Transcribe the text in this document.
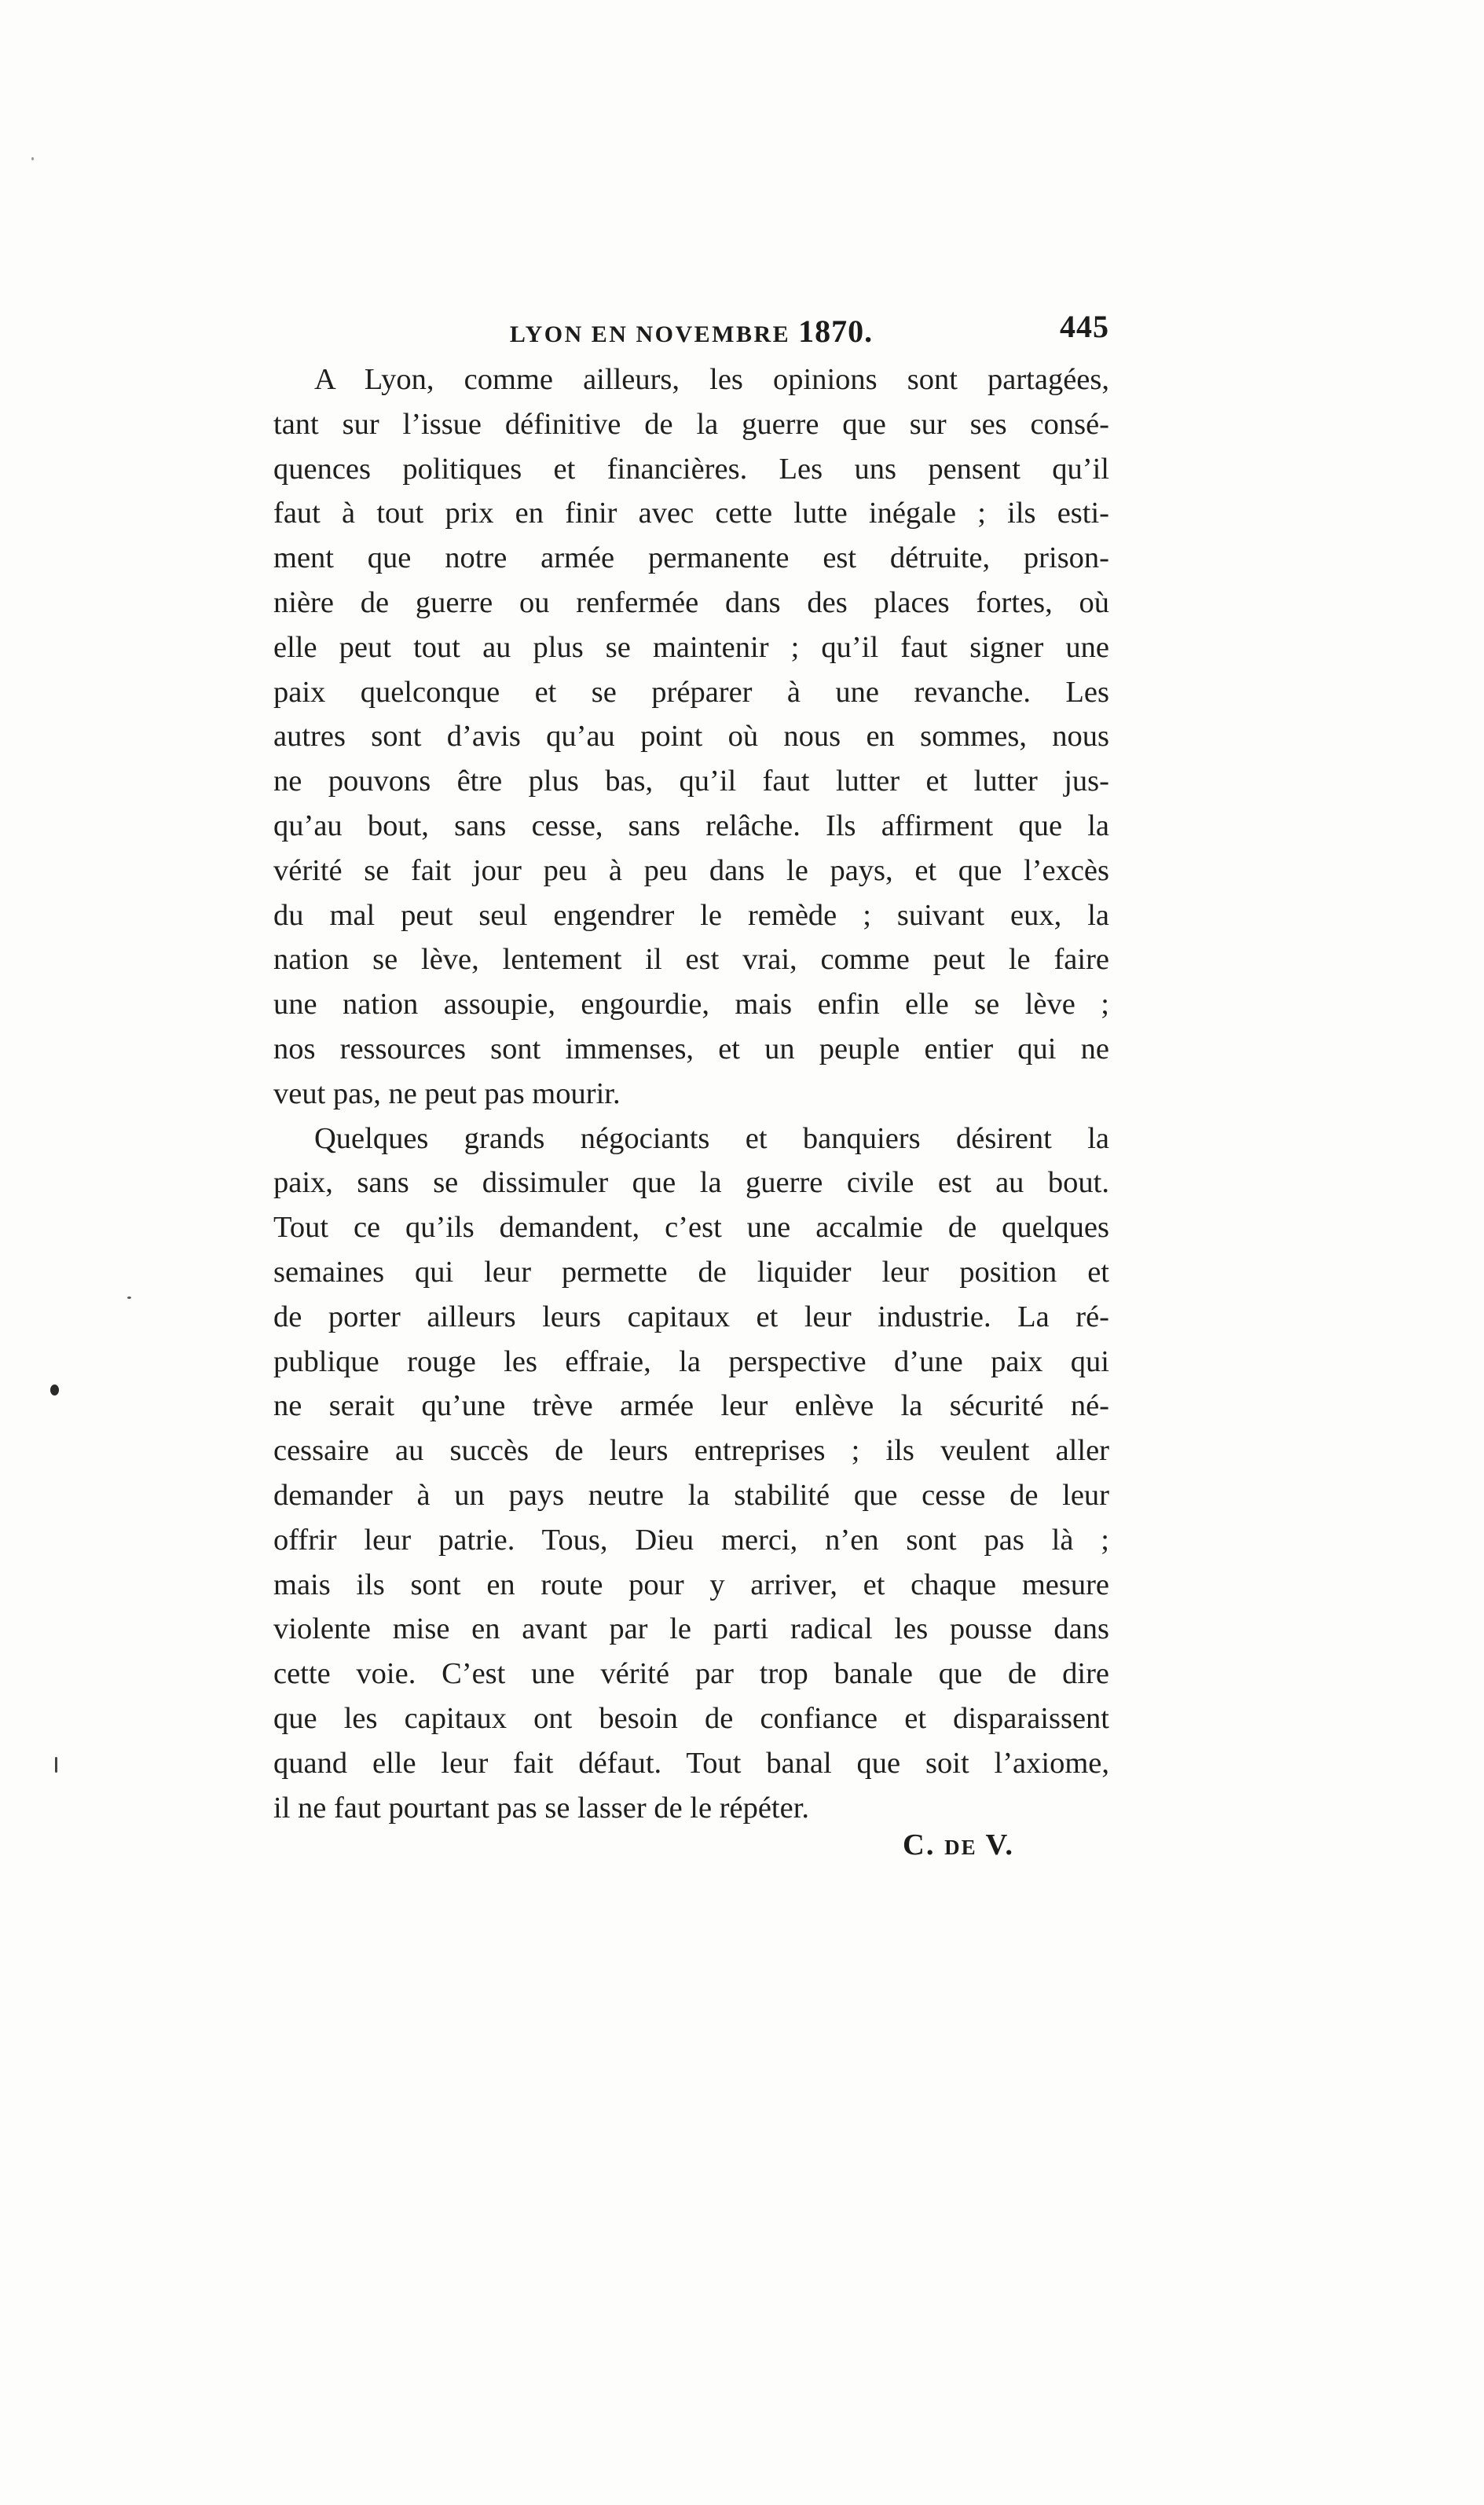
LYON EN NOVEMBRE 1870.	445
A Lyon, comme ailleurs, les opinions sont partagées,
tant sur l’issue définitive de la guerre que sur ses consé-
quences politiques et financières. Les uns pensent qu’il
faut à tout prix en finir avec cette lutte inégale ; ils esti-
ment que notre armée permanente est détruite, prison-
nière de guerre ou renfermée dans des places fortes, où
elle peut tout au plus se maintenir ; qu’il faut signer une
paix quelconque et se préparer à une revanche. Les
autres sont d’avis qu’au point où nous en sommes, nous
ne pouvons être plus bas, qu’il faut lutter et lutter jus-
qu’au bout, sans cesse, sans relâche. Ils affirment que la
vérité se fait jour peu à peu dans le pays, et que l’excès
du mal peut seul engendrer le remède ; suivant eux, la
nation se lève, lentement il est vrai, comme peut le faire
une nation assoupie, engourdie, mais enfin elle se lève ;
nos ressources sont immenses, et un peuple entier qui ne
veut pas, ne peut pas mourir.
Quelques grands négociants et banquiers désirent la
paix, sans se dissimuler que la guerre civile est au bout.
Tout ce qu’ils demandent, c’est une accalmie de quelques
semaines qui leur permette de liquider leur position et
de porter ailleurs leurs capitaux et leur industrie. La ré-
publique rouge les effraie, la perspective d’une paix qui
ne serait qu’une trève armée leur enlève la sécurité né-
cessaire au succès de leurs entreprises ; ils veulent aller
demander à un pays neutre la stabilité que cesse de leur
offrir leur patrie. Tous, Dieu merci, n’en sont pas là ;
mais ils sont en route pour y arriver, et chaque mesure
violente mise en avant par le parti radical les pousse dans
cette voie. C’est une vérité par trop banale que de dire
que les capitaux ont besoin de confiance et disparaissent
quand elle leur fait défaut. Tout banal que soit l’axiome,
il ne faut pourtant pas se lasser de le répéter.
C. DE V.
